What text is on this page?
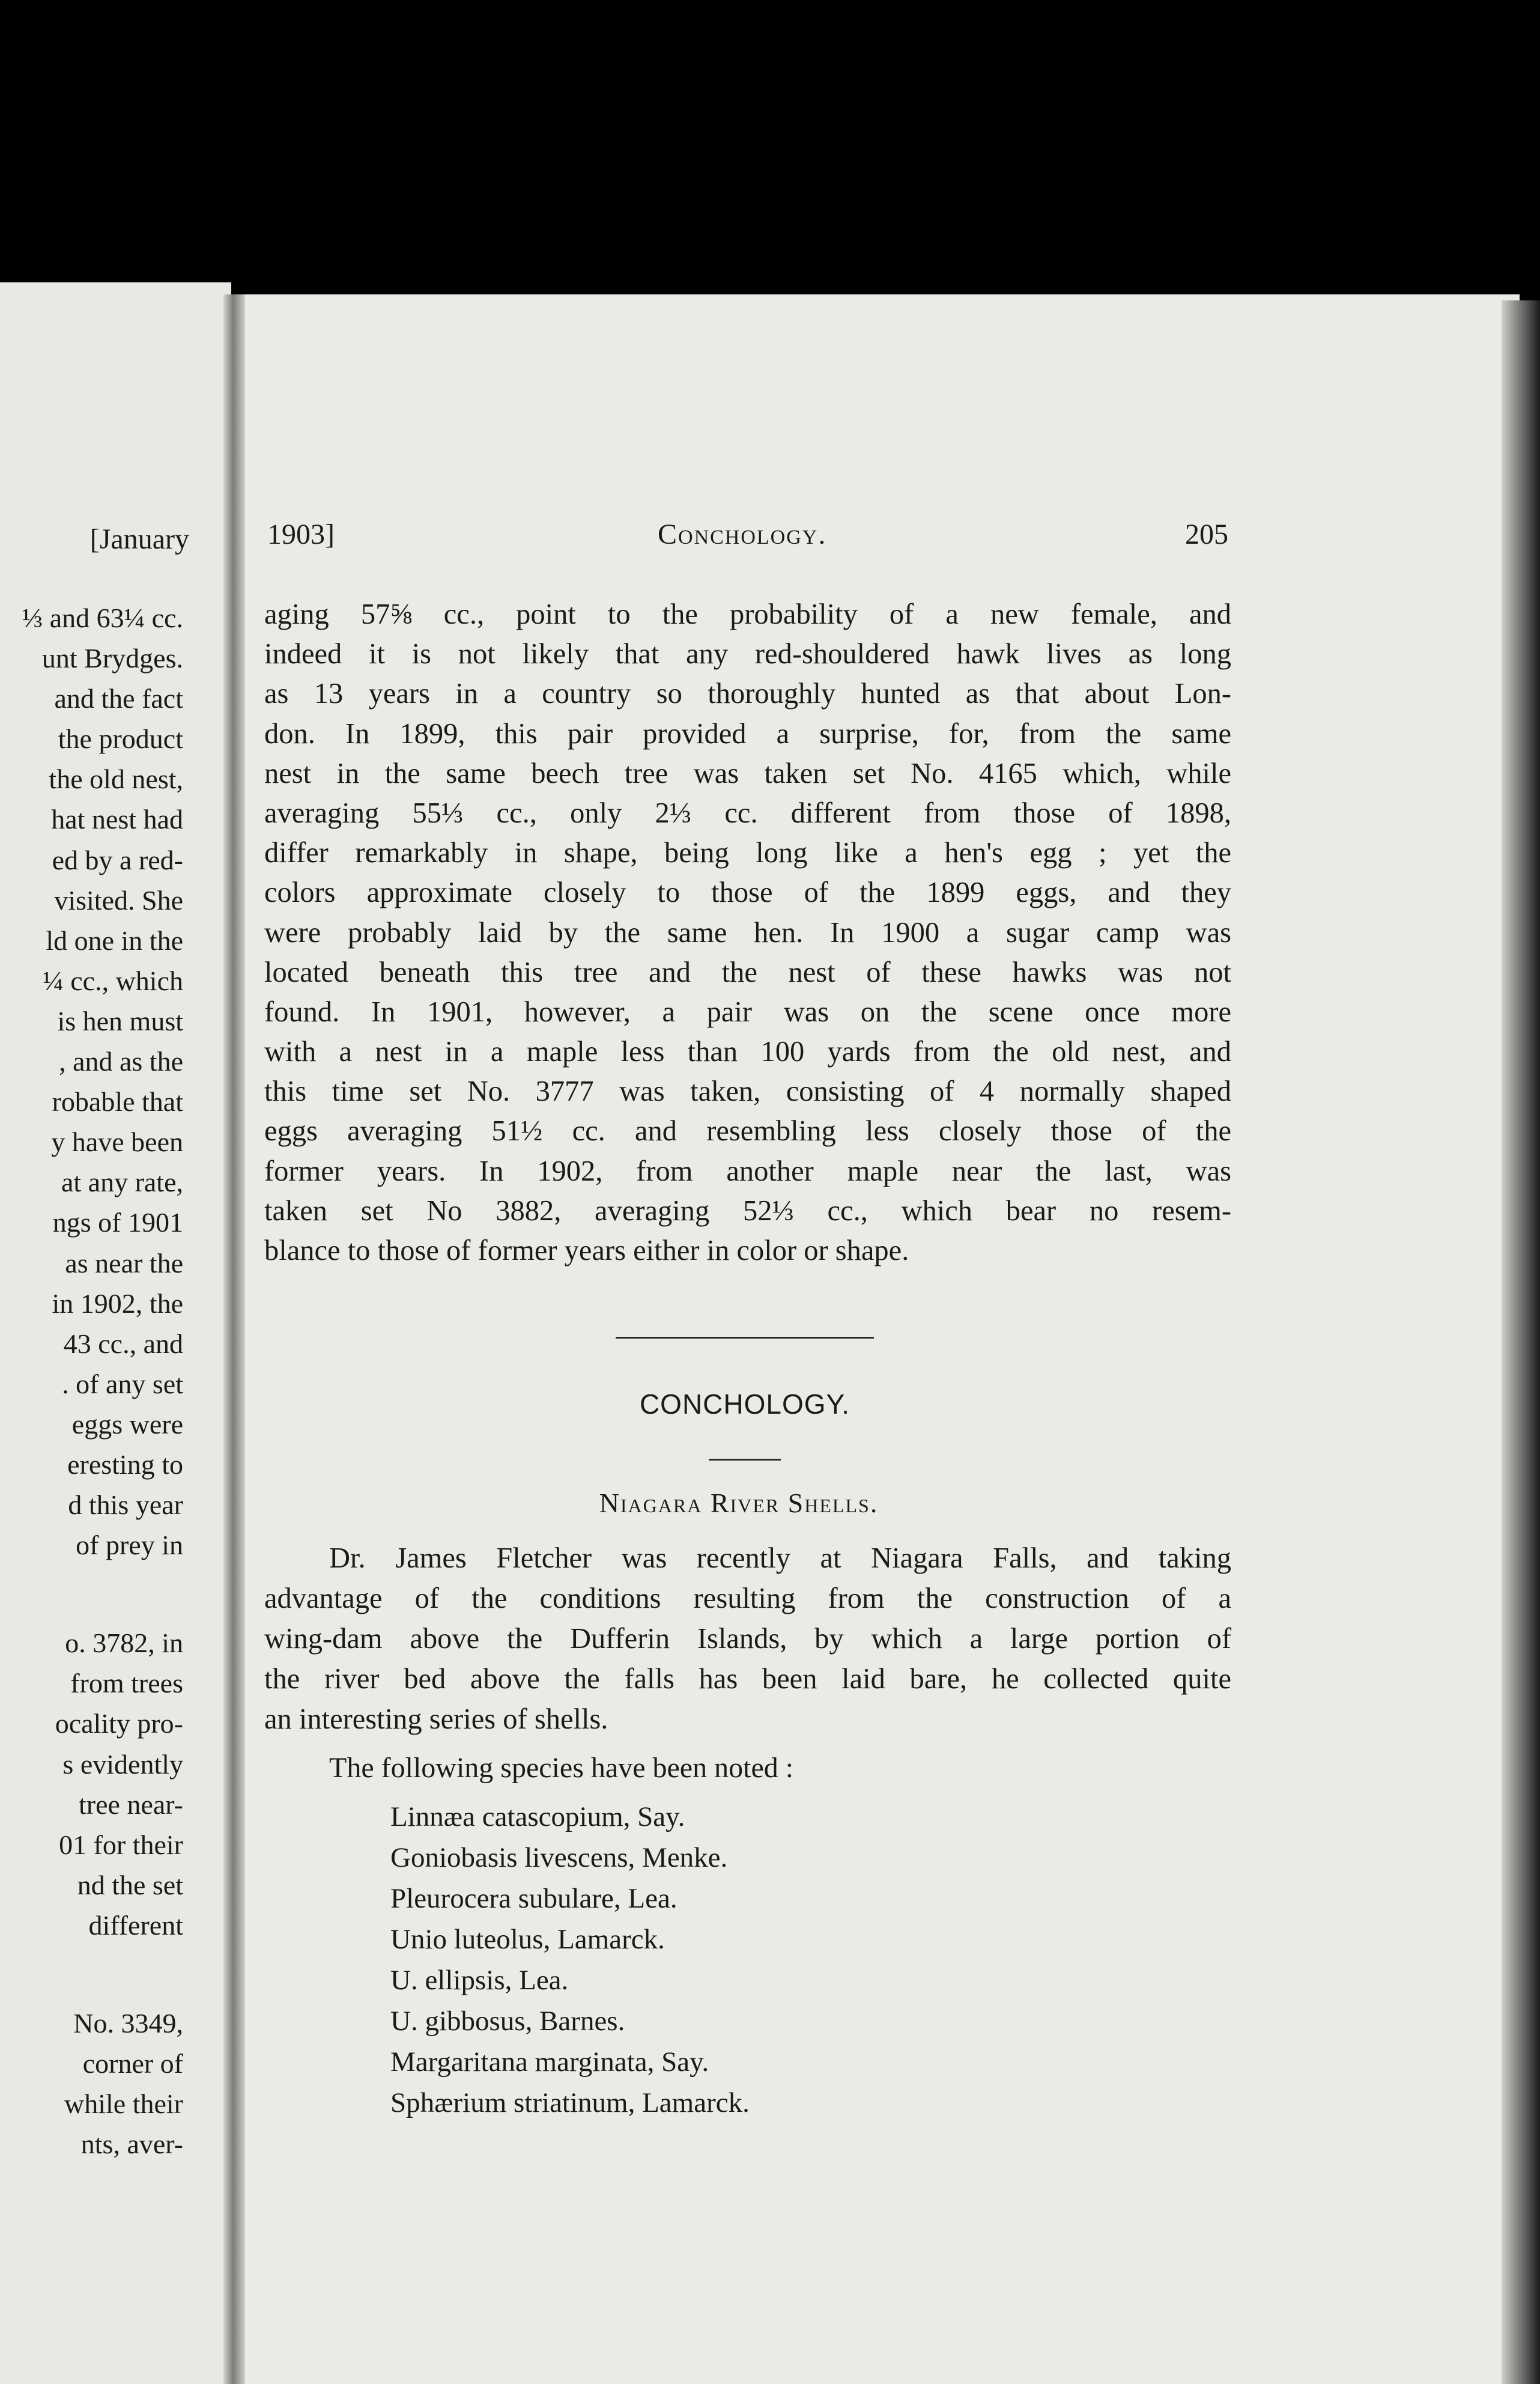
[January
⅓ and 63¼ cc.
unt Brydges.
and the fact
the product
the old nest,
hat nest had
ed by a red-
visited. She
ld one in the
¼ cc., which
is hen must
, and as the
robable that
y have been
at any rate,
ngs of 1901
as near the
in 1902, the
43 cc., and
. of any set
eggs were
eresting to
d this year
of prey in
o. 3782, in
from trees
ocality pro-
s evidently
tree near-
01 for their
nd the set
different
No. 3349,
corner of
while their
nts, aver-
1903]	Conchology.	205
aging 57⅝ cc., point to the probability of a new female, and
indeed it is not likely that any red-shouldered hawk lives as long
as 13 years in a country so thoroughly hunted as that about Lon-
don. In 1899, this pair provided a surprise, for, from the same
nest in the same beech tree was taken set No. 4165 which, while
averaging 55⅓ cc., only 2⅓ cc. different from those of 1898,
differ remarkably in shape, being long like a hen's egg ; yet the
colors approximate closely to those of the 1899 eggs, and they
were probably laid by the same hen. In 1900 a sugar camp was
located beneath this tree and the nest of these hawks was not
found. In 1901, however, a pair was on the scene once more
with a nest in a maple less than 100 yards from the old nest, and
this time set No. 3777 was taken, consisting of 4 normally shaped
eggs averaging 51½ cc. and resembling less closely those of the
former years. In 1902, from another maple near the last, was
taken set No 3882, averaging 52⅓ cc., which bear no resem-
blance to those of former years either in color or shape.
CONCHOLOGY.
Niagara River Shells.
Dr. James Fletcher was recently at Niagara Falls, and taking
advantage of the conditions resulting from the construction of a
wing-dam above the Dufferin Islands, by which a large portion of
the river bed above the falls has been laid bare, he collected quite
an interesting series of shells.
The following species have been noted :
Linnæa catascopium, Say.
Goniobasis livescens, Menke.
Pleurocera subulare, Lea.
Unio luteolus, Lamarck.
U. ellipsis, Lea.
U. gibbosus, Barnes.
Margaritana marginata, Say.
Sphærium striatinum, Lamarck.
